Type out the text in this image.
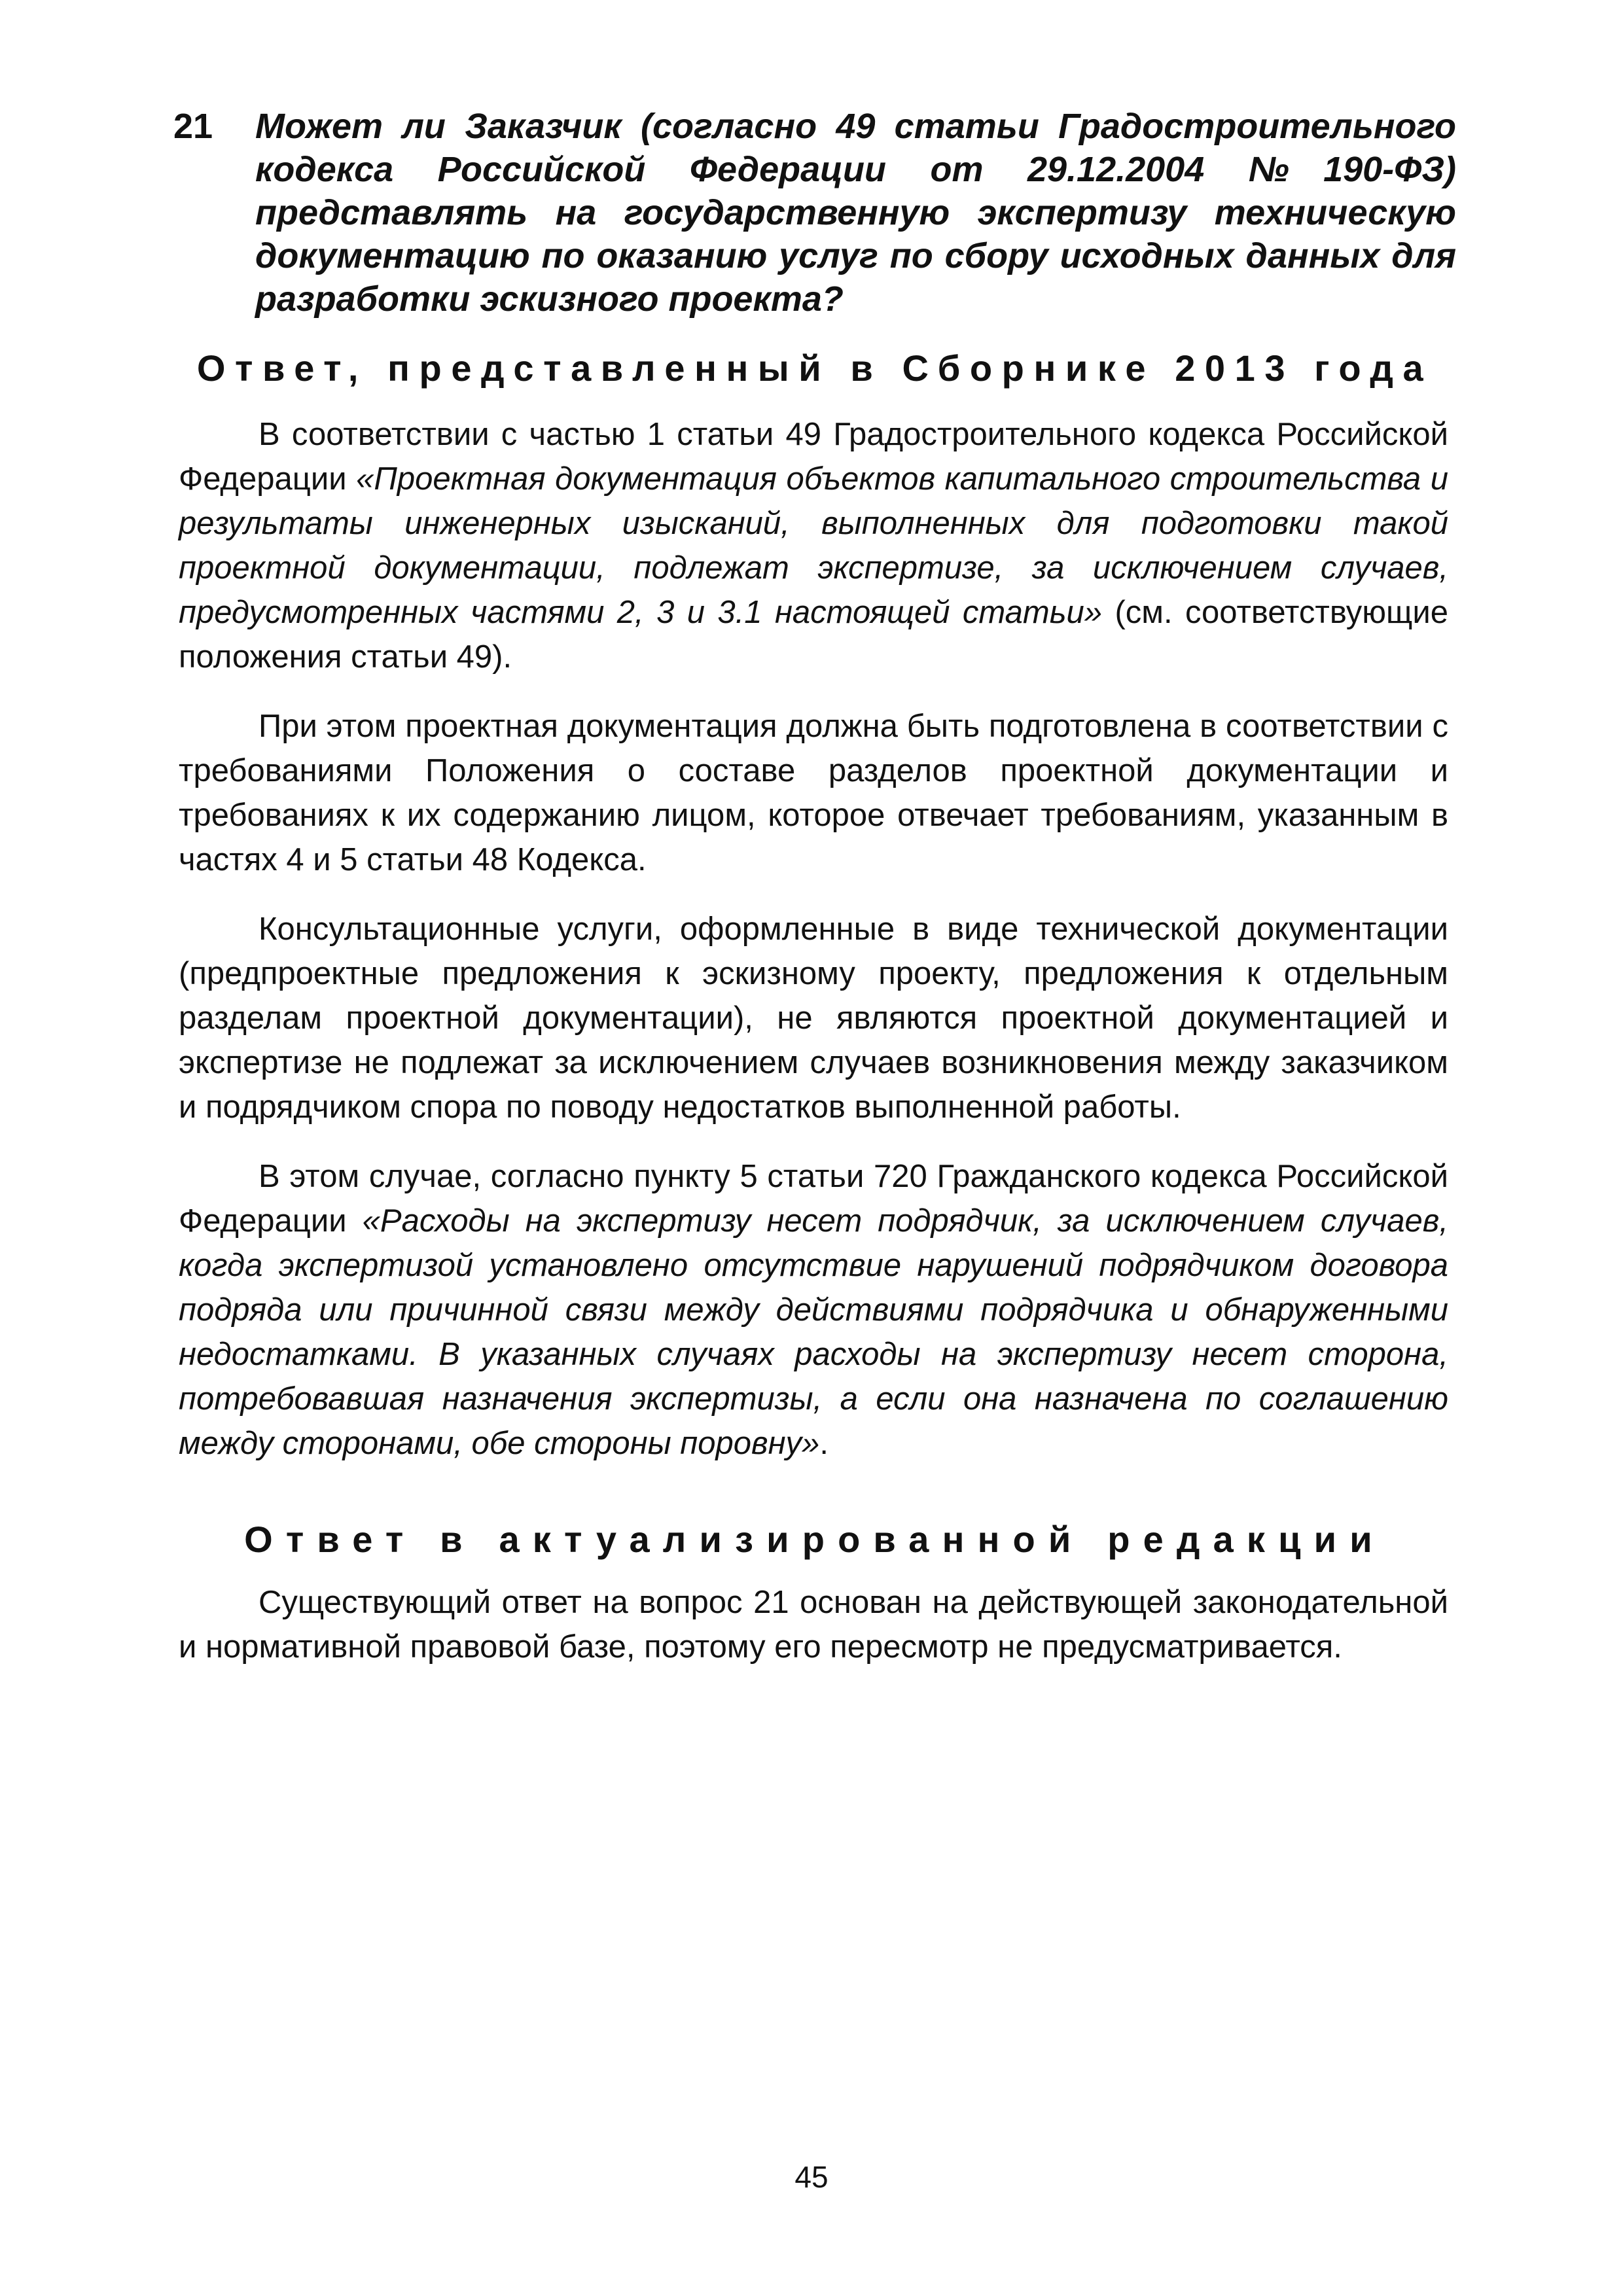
21	Может ли Заказчик (согласно 49 статьи Градостроительного кодекса Российской Федерации от 29.12.2004 №190-ФЗ) представлять на государственную экспертизу техническую документацию по оказанию услуг по сбору исходных данных для разработки эскизного проекта?
Ответ, представленный в Сборнике 2013 года

В соответствии с частью 1 статьи 49 Градостроительного кодекса Российской Федерации «Проектная документация объектов капитального строительства и результаты инженерных изысканий, выполненных для подготовки такой проектной документации, подлежат экспертизе, за исключением случаев, предусмотренных частями 2, 3 и 3.1 настоящей статьи» (см. соответствующие положения статьи 49).

При этом проектная документация должна быть подготовлена в соответствии с требованиями Положения о составе разделов проектной документации и требованиях к их содержанию лицом, которое отвечает требованиям, указанным в частях 4 и 5 статьи 48 Кодекса.

Консультационные услуги, оформленные в виде технической документации (предпроектные предложения к эскизному проекту, предложения к отдельным разделам проектной документации), не являются проектной документацией и экспертизе не подлежат за исключением случаев возникновения между заказчиком и подрядчиком спора по поводу недостатков выполненной работы.

В этом случае, согласно пункту 5 статьи 720 Гражданского кодекса Российской Федерации «Расходы на экспертизу несет подрядчик, за исключением случаев, когда экспертизой установлено отсутствие нарушений подрядчиком договора подряда или причинной связи между действиями подрядчика и обнаруженными недостатками. В указанных случаях расходы на экспертизу несет сторона, потребовавшая назначения экспертизы, а если она назначена по соглашению между сторонами, обе стороны поровну».

Ответ в актуализированной редакции

Существующий ответ на вопрос 21 основан на действующей законодательной и нормативной правовой базе, поэтому его пересмотр не предусматривается.

45
